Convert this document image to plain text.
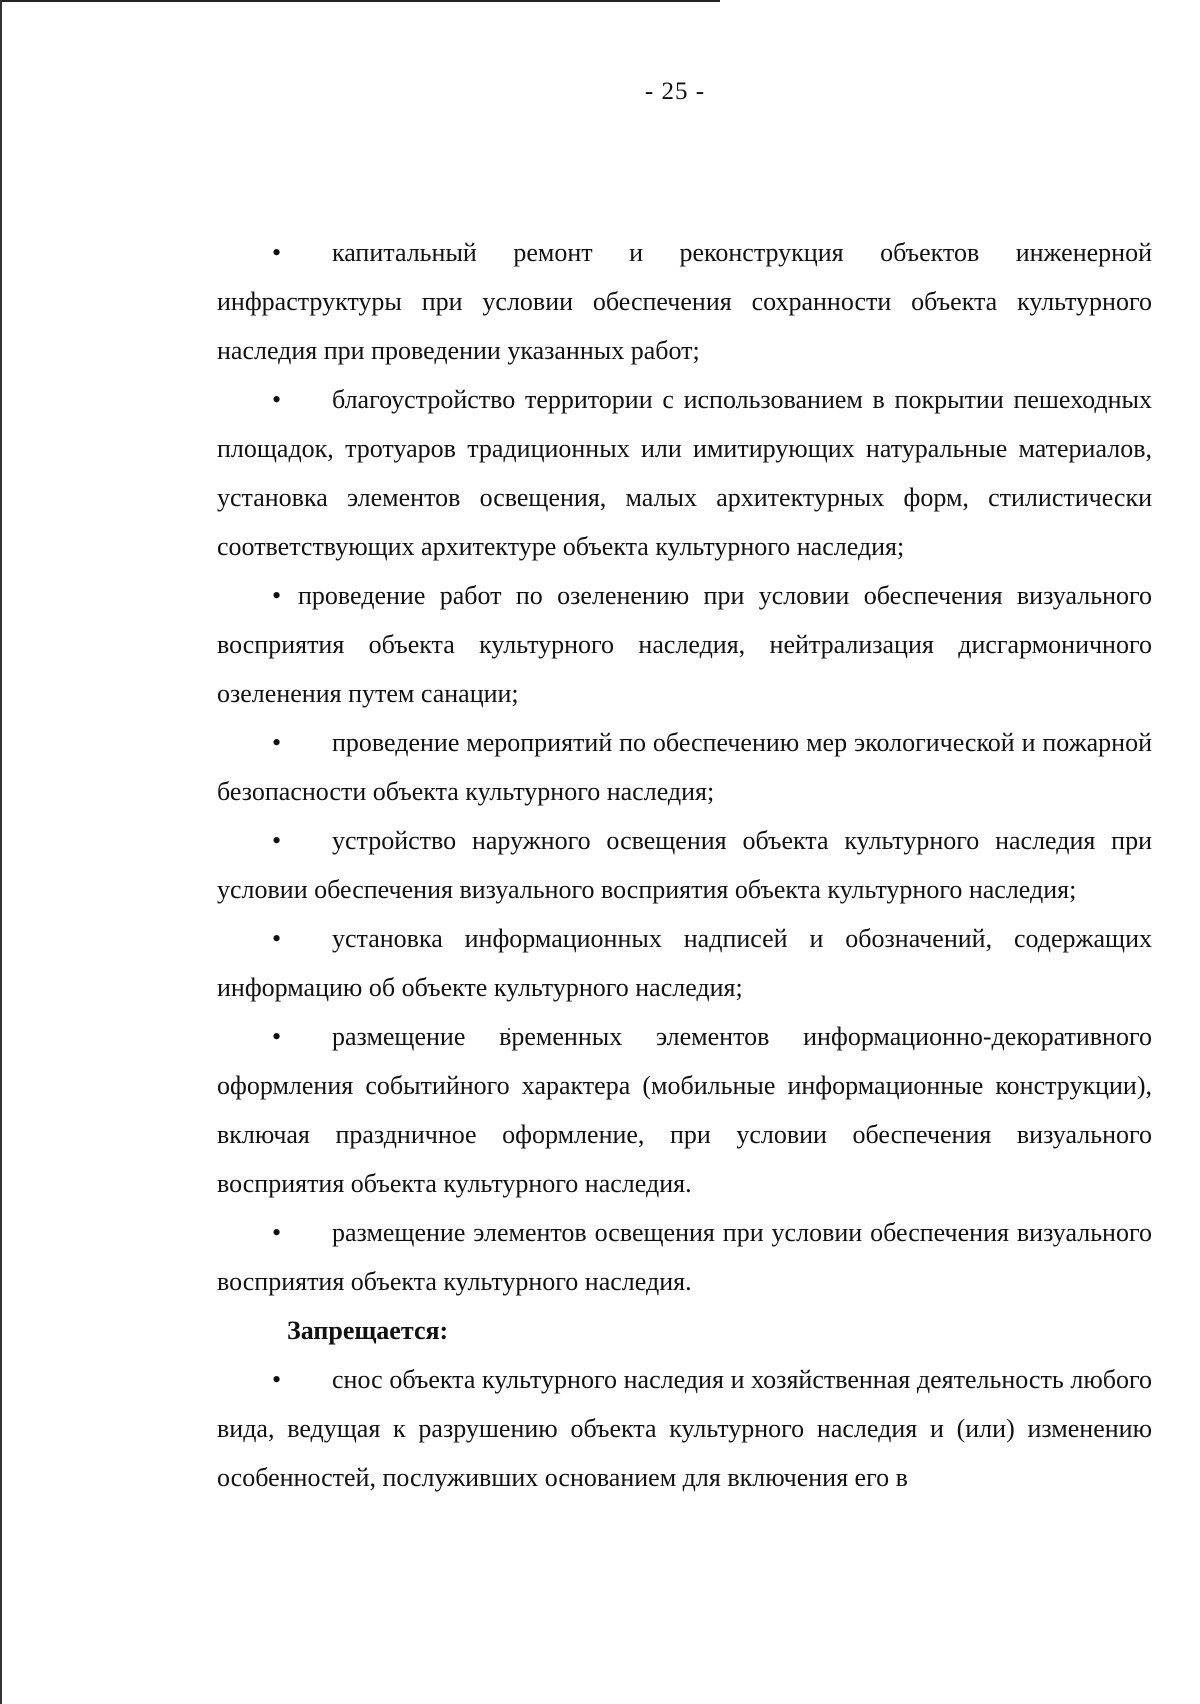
- 25 -

• капитальный ремонт и реконструкция объектов инженерной инфраструктуры при условии обеспечения сохранности объекта культурного наследия при проведении указанных работ;

• благоустройство территории с использованием в покрытии пешеходных площадок, тротуаров традиционных или имитирующих натуральные материалов, установка элементов освещения, малых архитектурных форм, стилистически соответствующих архитектуре объекта культурного наследия;

• проведение работ по озеленению при условии обеспечения визуального восприятия объекта культурного наследия, нейтрализация дисгармоничного озеленения путем санации;

• проведение мероприятий по обеспечению мер экологической и пожарной безопасности объекта культурного наследия;

• устройство наружного освещения объекта культурного наследия при условии обеспечения визуального восприятия объекта культурного наследия;

• установка информационных надписей и обозначений, содержащих информацию об объекте культурного наследия;

• размещение временных элементов информационно-декоративного оформления событийного характера (мобильные информационные конструкции), включая праздничное оформление, при условии обеспечения визуального восприятия объекта культурного наследия.

• размещение элементов освещения при условии обеспечения визуального восприятия объекта культурного наследия.

Запрещается:

• снос объекта культурного наследия и хозяйственная деятельность любого вида, ведущая к разрушению объекта культурного наследия и (или) изменению особенностей, послуживших основанием для включения его в
